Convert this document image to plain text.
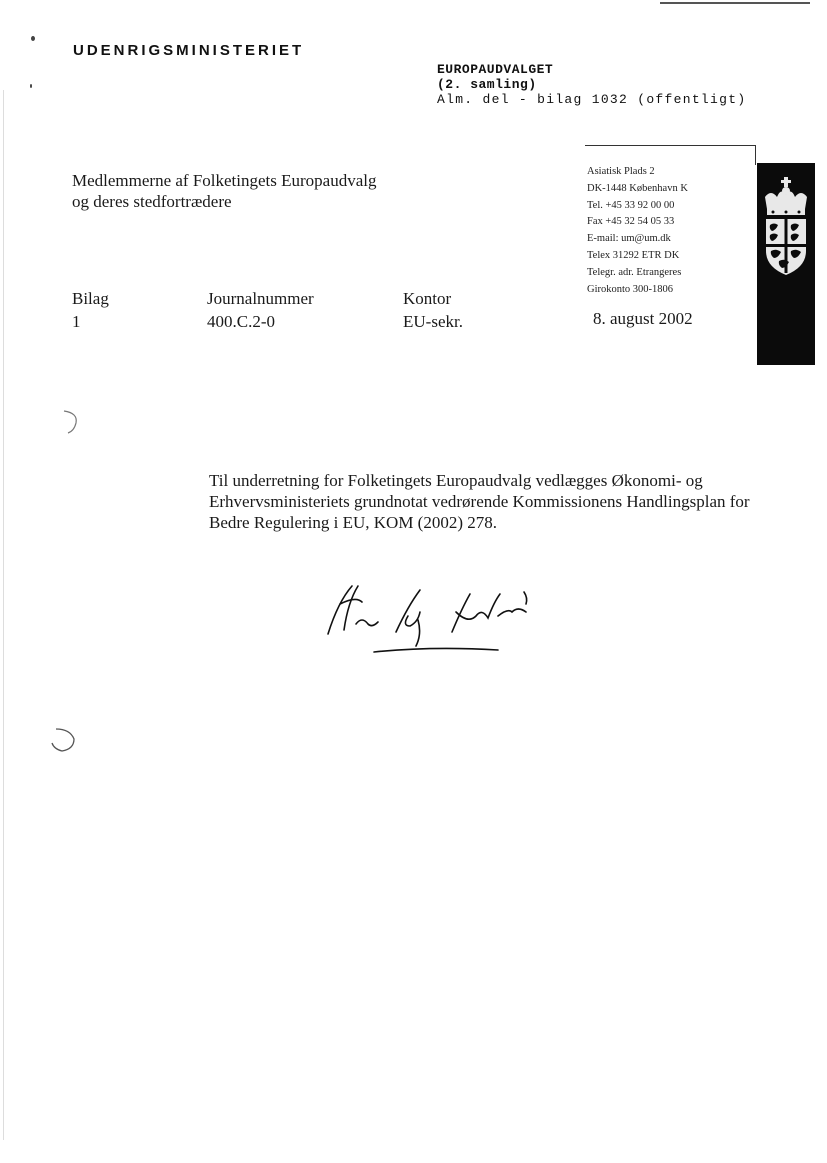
UDENRIGSMINISTERIET
EUROPAUDVALGET
(2. samling)
Alm. del - bilag 1032 (offentligt)
Medlemmerne af Folketingets Europaudvalg
og deres stedfortrædere
Asiatisk Plads 2
DK-1448 København K
Tel. +45 33 92 00 00
Fax +45 32 54 05 33
E-mail: um@um.dk
Telex 31292 ETR DK
Telegr. adr. Etrangeres
Girokonto 300-1806
Bilag
1
Journalnummer
400.C.2-0
Kontor
EU-sekr.	8. august 2002
Til underretning for Folketingets Europaudvalg vedlægges Økonomi- og Erhvervsministeriets grundnotat vedrørende Kommissionens Handlingsplan for Bedre Regulering i EU, KOM (2002) 278.
